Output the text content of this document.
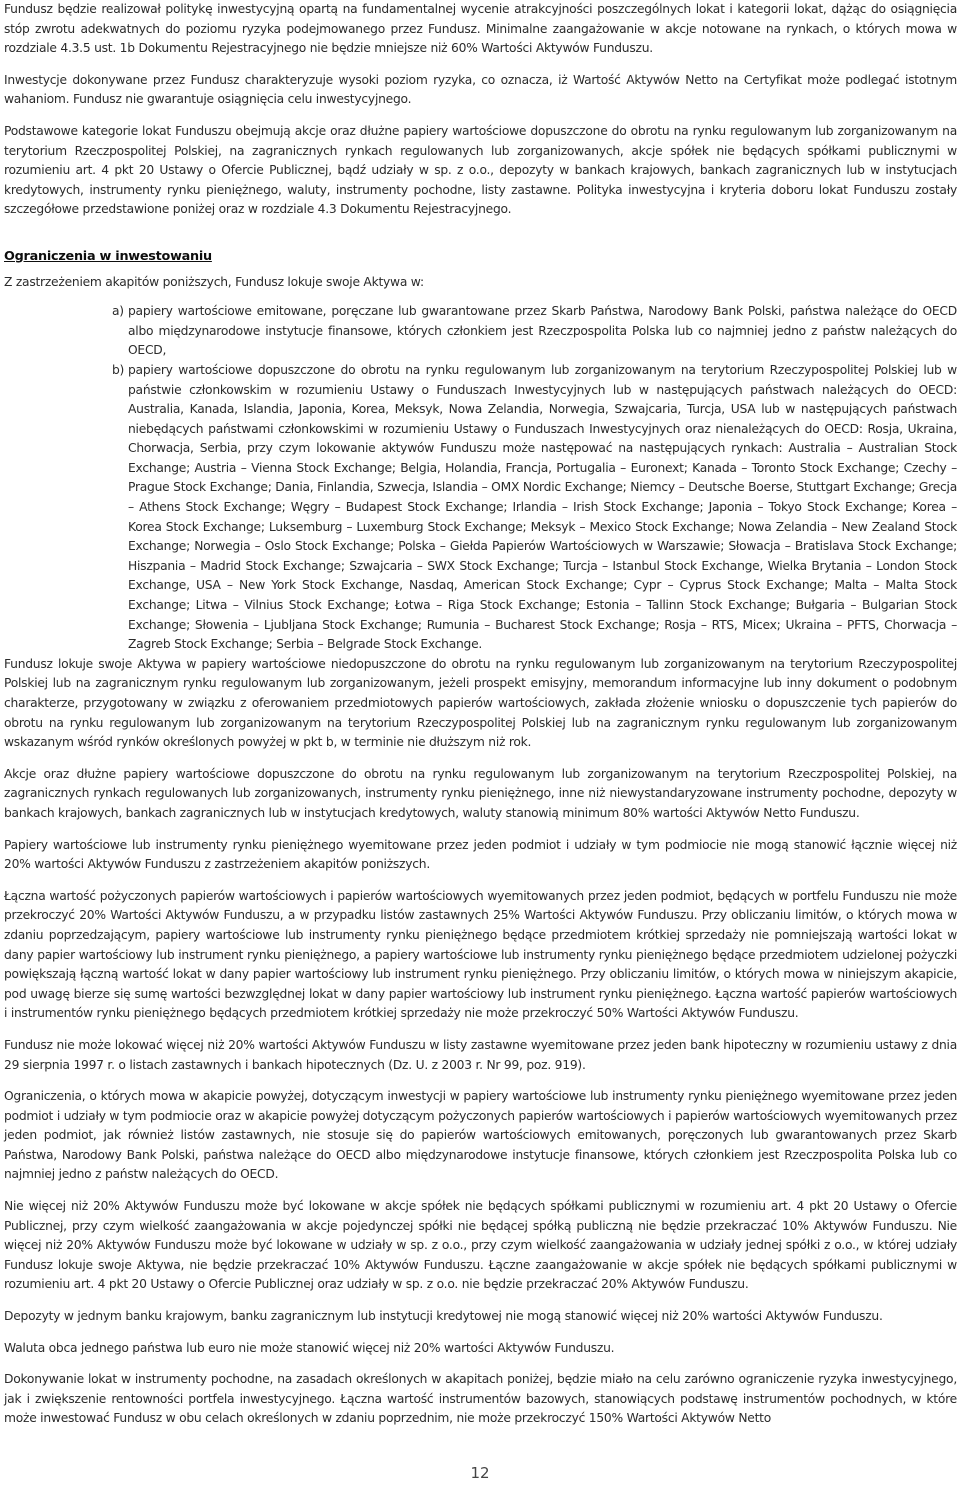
Fundusz będzie realizował politykę inwestycyjną opartą na fundamentalnej wycenie atrakcyjności poszczególnych lokat i kategorii lokat, dążąc do osiągnięcia stóp zwrotu adekwatnych do poziomu ryzyka podejmowanego przez Fundusz. Minimalne zaangażowanie w akcje notowane na rynkach, o których mowa w rozdziale 4.3.5 ust. 1b Dokumentu Rejestracyjnego nie będzie mniejsze niż 60% Wartości Aktywów Funduszu.

Inwestycje dokonywane przez Fundusz charakteryzuje wysoki poziom ryzyka, co oznacza, iż Wartość Aktywów Netto na Certyfikat może podlegać istotnym wahaniom. Fundusz nie gwarantuje osiągnięcia celu inwestycyjnego.

Podstawowe kategorie lokat Funduszu obejmują akcje oraz dłużne papiery wartościowe dopuszczone do obrotu na rynku regulowanym lub zorganizowanym na terytorium Rzeczpospolitej Polskiej, na zagranicznych rynkach regulowanych lub zorganizowanych, akcje spółek nie będących spółkami publicznymi w rozumieniu art. 4 pkt 20 Ustawy o Ofercie Publicznej, bądź udziały w sp. z o.o., depozyty w bankach krajowych, bankach zagranicznych lub w instytucjach kredytowych, instrumenty rynku pieniężnego, waluty, instrumenty pochodne, listy zastawne. Polityka inwestycyjna i kryteria doboru lokat Funduszu zostały szczegółowe przedstawione poniżej oraz w rozdziale 4.3 Dokumentu Rejestracyjnego.

Ograniczenia w inwestowaniu

Z zastrzeżeniem akapitów poniższych, Fundusz lokuje swoje Aktywa w:

a) papiery wartościowe emitowane, poręczane lub gwarantowane przez Skarb Państwa, Narodowy Bank Polski, państwa należące do OECD albo międzynarodowe instytucje finansowe, których członkiem jest Rzeczpospolita Polska lub co najmniej jedno z państw należących do OECD,
b) papiery wartościowe dopuszczone do obrotu na rynku regulowanym lub zorganizowanym na terytorium Rzeczypospolitej Polskiej lub w państwie członkowskim w rozumieniu Ustawy o Funduszach Inwestycyjnych lub w następujących państwach należących do OECD: Australia, Kanada, Islandia, Japonia, Korea, Meksyk, Nowa Zelandia, Norwegia, Szwajcaria, Turcja, USA lub w następujących państwach niebędących państwami członkowskimi w rozumieniu Ustawy o Funduszach Inwestycyjnych oraz nienależących do OECD: Rosja, Ukraina, Chorwacja, Serbia, przy czym lokowanie aktywów Funduszu może następować na następujących rynkach: Australia – Australian Stock Exchange; Austria – Vienna Stock Exchange; Belgia, Holandia, Francja, Portugalia – Euronext; Kanada – Toronto Stock Exchange; Czechy – Prague Stock Exchange; Dania, Finlandia, Szwecja, Islandia – OMX Nordic Exchange; Niemcy – Deutsche Boerse, Stuttgart Exchange; Grecja – Athens Stock Exchange; Węgry – Budapest Stock Exchange; Irlandia – Irish Stock Exchange; Japonia – Tokyo Stock Exchange; Korea – Korea Stock Exchange; Luksemburg – Luxemburg Stock Exchange; Meksyk – Mexico Stock Exchange; Nowa Zelandia – New Zealand Stock Exchange; Norwegia – Oslo Stock Exchange; Polska – Giełda Papierów Wartościowych w Warszawie; Słowacja – Bratislava Stock Exchange; Hiszpania – Madrid Stock Exchange; Szwajcaria – SWX Stock Exchange; Turcja – Istanbul Stock Exchange, Wielka Brytania – London Stock Exchange, USA – New York Stock Exchange, Nasdaq, American Stock Exchange; Cypr – Cyprus Stock Exchange; Malta – Malta Stock Exchange; Litwa – Vilnius Stock Exchange; Łotwa – Riga Stock Exchange; Estonia – Tallinn Stock Exchange; Bułgaria – Bulgarian Stock Exchange; Słowenia – Ljubljana Stock Exchange; Rumunia – Bucharest Stock Exchange; Rosja – RTS, Micex; Ukraina – PFTS, Chorwacja – Zagreb Stock Exchange; Serbia – Belgrade Stock Exchange.

Fundusz lokuje swoje Aktywa w papiery wartościowe niedopuszczone do obrotu na rynku regulowanym lub zorganizowanym na terytorium Rzeczypospolitej Polskiej lub na zagranicznym rynku regulowanym lub zorganizowanym, jeżeli prospekt emisyjny, memorandum informacyjne lub inny dokument o podobnym charakterze, przygotowany w związku z oferowaniem przedmiotowych papierów wartościowych, zakłada złożenie wniosku o dopuszczenie tych papierów do obrotu na rynku regulowanym lub zorganizowanym na terytorium Rzeczypospolitej Polskiej lub na zagranicznym rynku regulowanym lub zorganizowanym wskazanym wśród rynków określonych powyżej w pkt b, w terminie nie dłuższym niż rok.

Akcje oraz dłużne papiery wartościowe dopuszczone do obrotu na rynku regulowanym lub zorganizowanym na terytorium Rzeczpospolitej Polskiej, na zagranicznych rynkach regulowanych lub zorganizowanych, instrumenty rynku pieniężnego, inne niż niewystandaryzowane instrumenty pochodne, depozyty w bankach krajowych, bankach zagranicznych lub w instytucjach kredytowych, waluty stanowią minimum 80% wartości Aktywów Netto Funduszu.

Papiery wartościowe lub instrumenty rynku pieniężnego wyemitowane przez jeden podmiot i udziały w tym podmiocie nie mogą stanowić łącznie więcej niż 20% wartości Aktywów Funduszu z zastrzeżeniem akapitów poniższych.

Łączna wartość pożyczonych papierów wartościowych i papierów wartościowych wyemitowanych przez jeden podmiot, będących w portfelu Funduszu nie może przekroczyć 20% Wartości Aktywów Funduszu, a w przypadku listów zastawnych 25% Wartości Aktywów Funduszu. Przy obliczaniu limitów, o których mowa w zdaniu poprzedzającym, papiery wartościowe lub instrumenty rynku pieniężnego będące przedmiotem krótkiej sprzedaży nie pomniejszają wartości lokat w dany papier wartościowy lub instrument rynku pieniężnego, a papiery wartościowe lub instrumenty rynku pieniężnego będące przedmiotem udzielonej pożyczki powiększają łączną wartość lokat w dany papier wartościowy lub instrument rynku pieniężnego. Przy obliczaniu limitów, o których mowa w niniejszym akapicie, pod uwagę bierze się sumę wartości bezwzględnej lokat w dany papier wartościowy lub instrument rynku pieniężnego. Łączna wartość papierów wartościowych i instrumentów rynku pieniężnego będących przedmiotem krótkiej sprzedaży nie może przekroczyć 50% Wartości Aktywów Funduszu.

Fundusz nie może lokować więcej niż 20% wartości Aktywów Funduszu w listy zastawne wyemitowane przez jeden bank hipoteczny w rozumieniu ustawy z dnia 29 sierpnia 1997 r. o listach zastawnych i bankach hipotecznych (Dz. U. z 2003 r. Nr 99, poz. 919).

Ograniczenia, o których mowa w akapicie powyżej, dotyczącym inwestycji w papiery wartościowe lub instrumenty rynku pieniężnego wyemitowane przez jeden podmiot i udziały w tym podmiocie oraz w akapicie powyżej dotyczącym pożyczonych papierów wartościowych i papierów wartościowych wyemitowanych przez jeden podmiot, jak również listów zastawnych, nie stosuje się do papierów wartościowych emitowanych, poręczonych lub gwarantowanych przez Skarb Państwa, Narodowy Bank Polski, państwa należące do OECD albo międzynarodowe instytucje finansowe, których członkiem jest Rzeczpospolita Polska lub co najmniej jedno z państw należących do OECD.

Nie więcej niż 20% Aktywów Funduszu może być lokowane w akcje spółek nie będących spółkami publicznymi w rozumieniu art. 4 pkt 20 Ustawy o Ofercie Publicznej, przy czym wielkość zaangażowania w akcje pojedynczej spółki nie będącej spółką publiczną nie będzie przekraczać 10% Aktywów Funduszu. Nie więcej niż 20% Aktywów Funduszu może być lokowane w udziały w sp. z o.o., przy czym wielkość zaangażowania w udziały jednej spółki z o.o., w której udziały Fundusz lokuje swoje Aktywa, nie będzie przekraczać 10% Aktywów Funduszu. Łączne zaangażowanie w akcje spółek nie będących spółkami publicznymi w rozumieniu art. 4 pkt 20 Ustawy o Ofercie Publicznej oraz udziały w sp. z o.o. nie będzie przekraczać 20% Aktywów Funduszu.

Depozyty w jednym banku krajowym, banku zagranicznym lub instytucji kredytowej nie mogą stanowić więcej niż 20% wartości Aktywów Funduszu.

Waluta obca jednego państwa lub euro nie może stanowić więcej niż 20% wartości Aktywów Funduszu.

Dokonywanie lokat w instrumenty pochodne, na zasadach określonych w akapitach poniżej, będzie miało na celu zarówno ograniczenie ryzyka inwestycyjnego, jak i zwiększenie rentowności portfela inwestycyjnego. Łączna wartość instrumentów bazowych, stanowiących podstawę instrumentów pochodnych, w które może inwestować Fundusz w obu celach określonych w zdaniu poprzednim, nie może przekroczyć 150% Wartości Aktywów Netto

12
